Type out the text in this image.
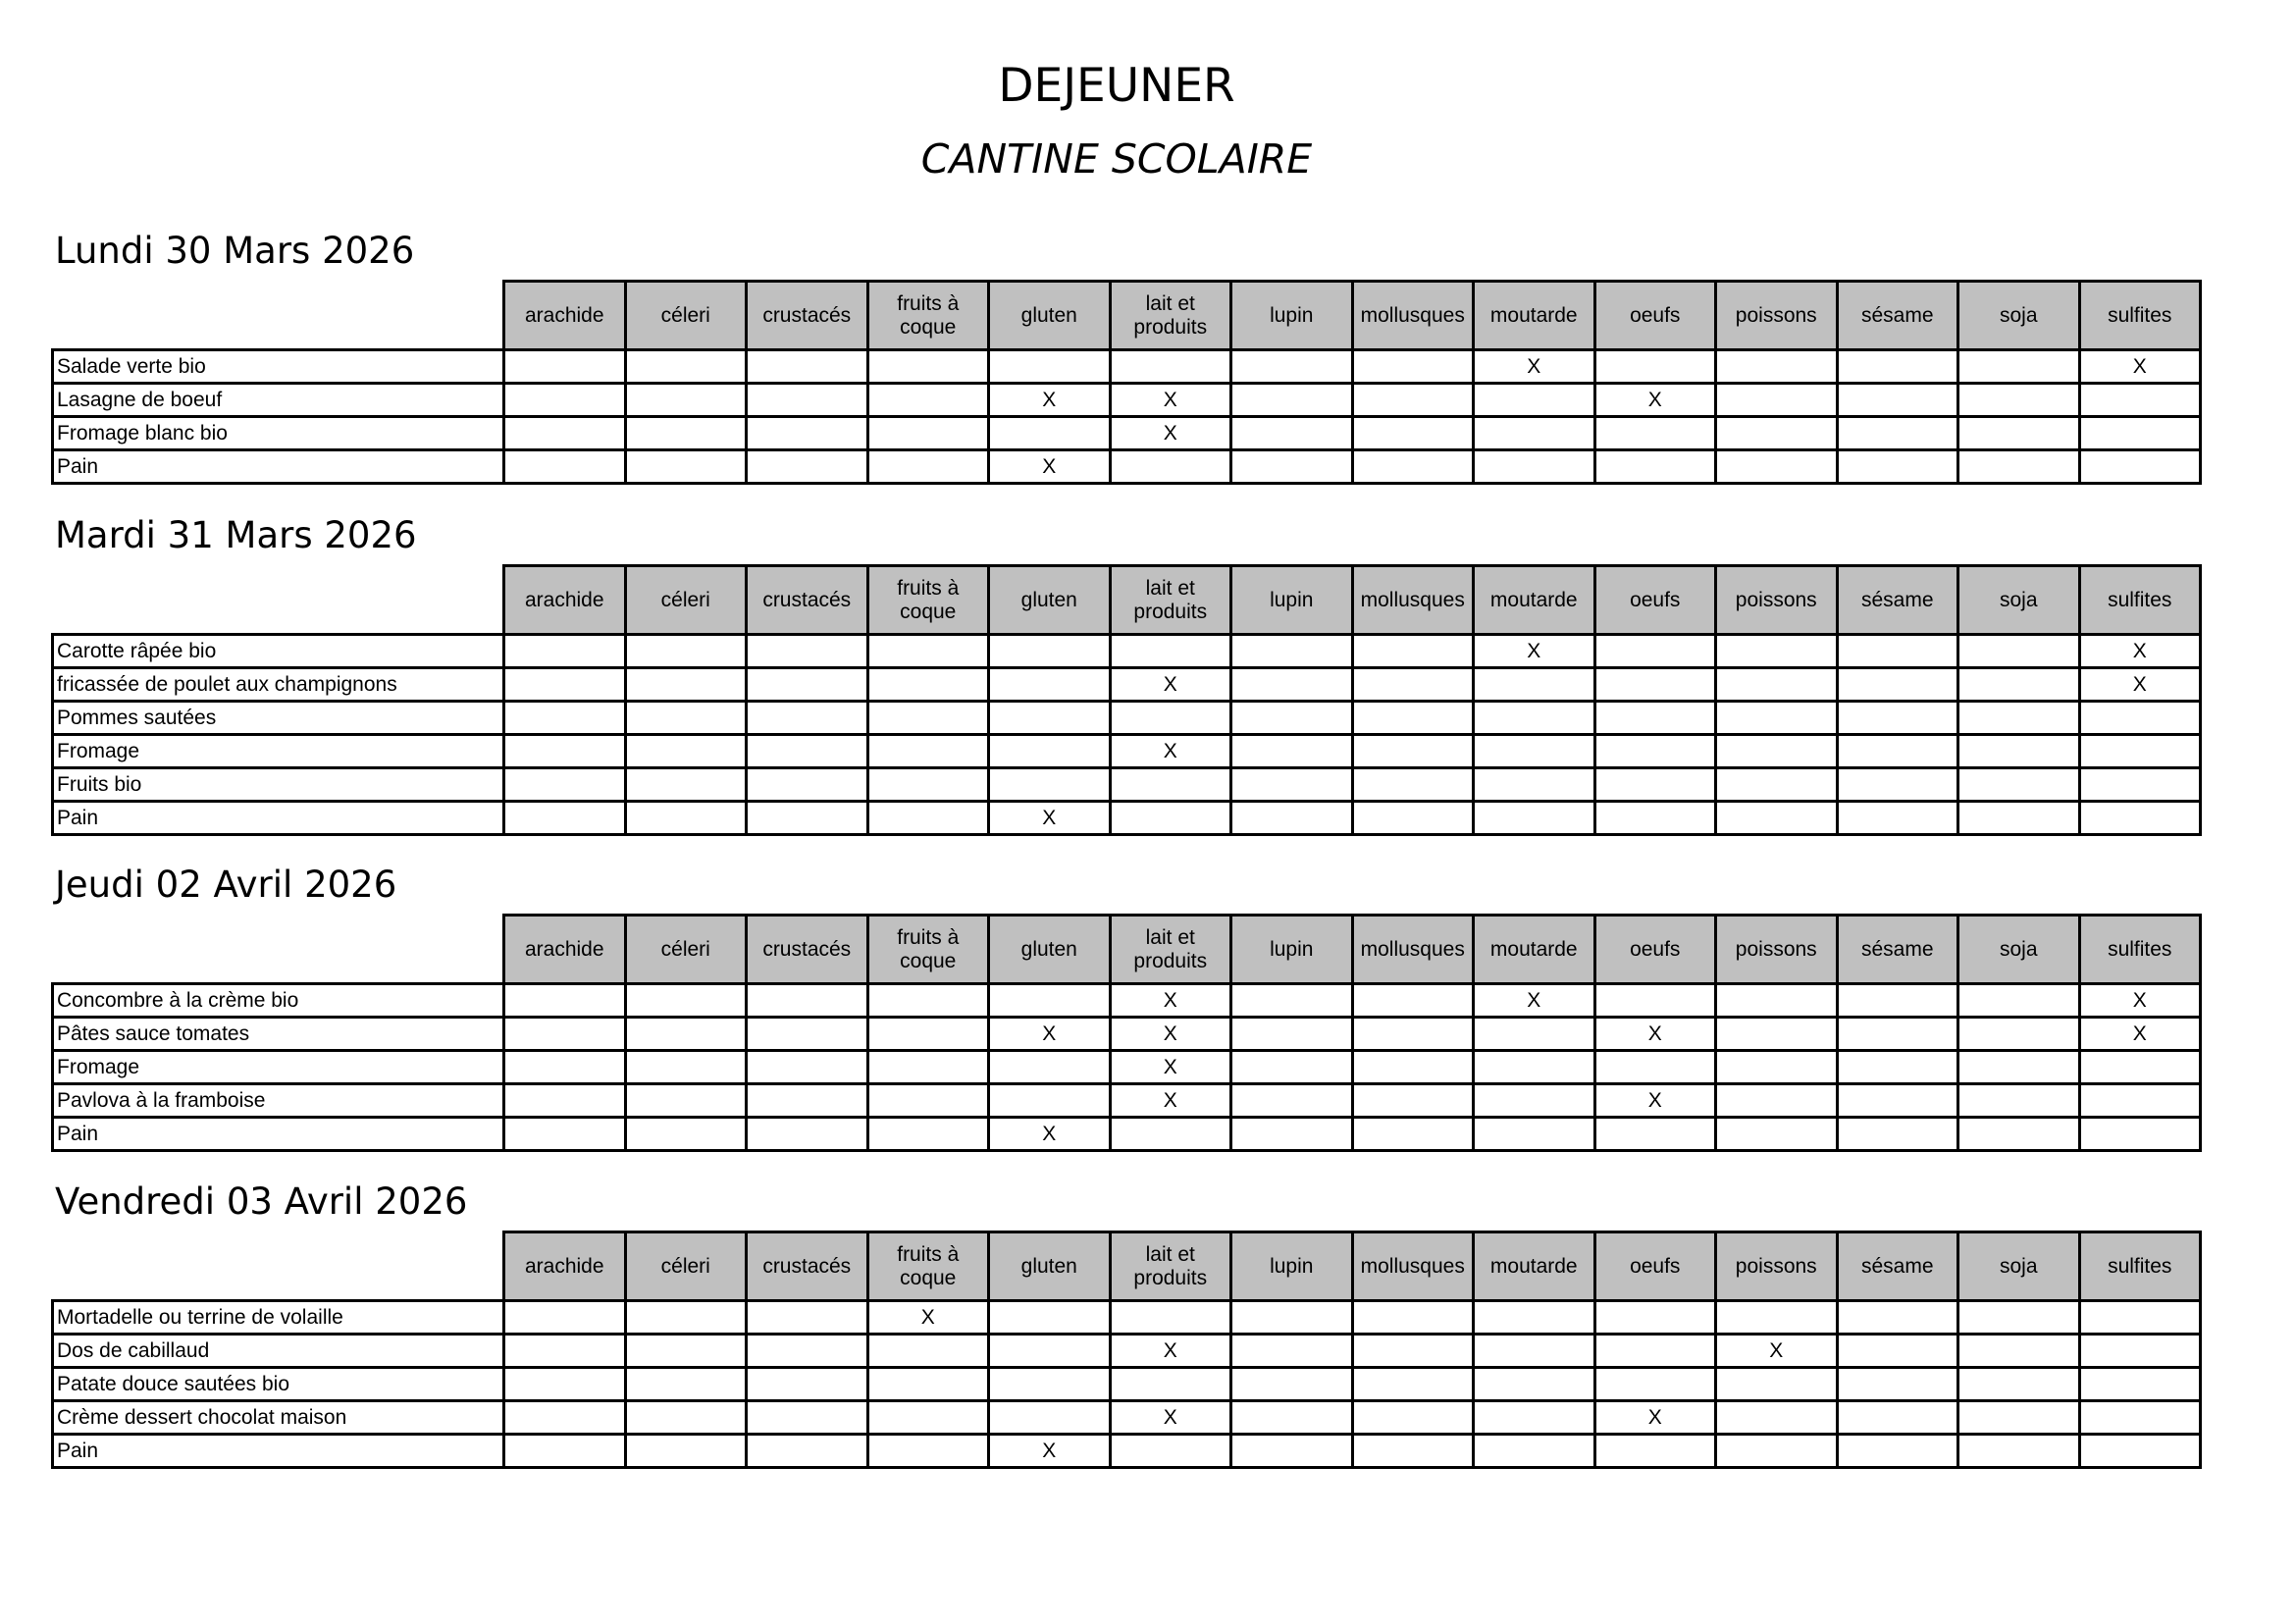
DEJEUNER
CANTINE SCOLAIRE
Lundi 30 Mars 2026
	arachide	céleri	crustacés	fruits à
coque	gluten	lait et
produits	lupin	mollusques	moutarde	oeufs	poissons	sésame	soja	sulfites
Salade verte bio									X					X
Lasagne de boeuf					X	X				X				
Fromage blanc bio						X								
Pain					X									
Mardi 31 Mars 2026
	arachide	céleri	crustacés	fruits à
coque	gluten	lait et
produits	lupin	mollusques	moutarde	oeufs	poissons	sésame	soja	sulfites
Carotte râpée bio									X					X
fricassée de poulet aux champignons						X								X
Pommes sautées														
Fromage						X								
Fruits bio														
Pain					X									
Jeudi 02 Avril 2026
	arachide	céleri	crustacés	fruits à
coque	gluten	lait et
produits	lupin	mollusques	moutarde	oeufs	poissons	sésame	soja	sulfites
Concombre à la crème bio						X			X					X
Pâtes sauce tomates					X	X				X				X
Fromage						X								
Pavlova à la framboise						X				X				
Pain					X									
Vendredi 03 Avril 2026
	arachide	céleri	crustacés	fruits à
coque	gluten	lait et
produits	lupin	mollusques	moutarde	oeufs	poissons	sésame	soja	sulfites
Mortadelle ou terrine de volaille				X										
Dos de cabillaud						X					X			
Patate douce sautées bio														
Crème dessert chocolat maison						X				X				
Pain					X									
